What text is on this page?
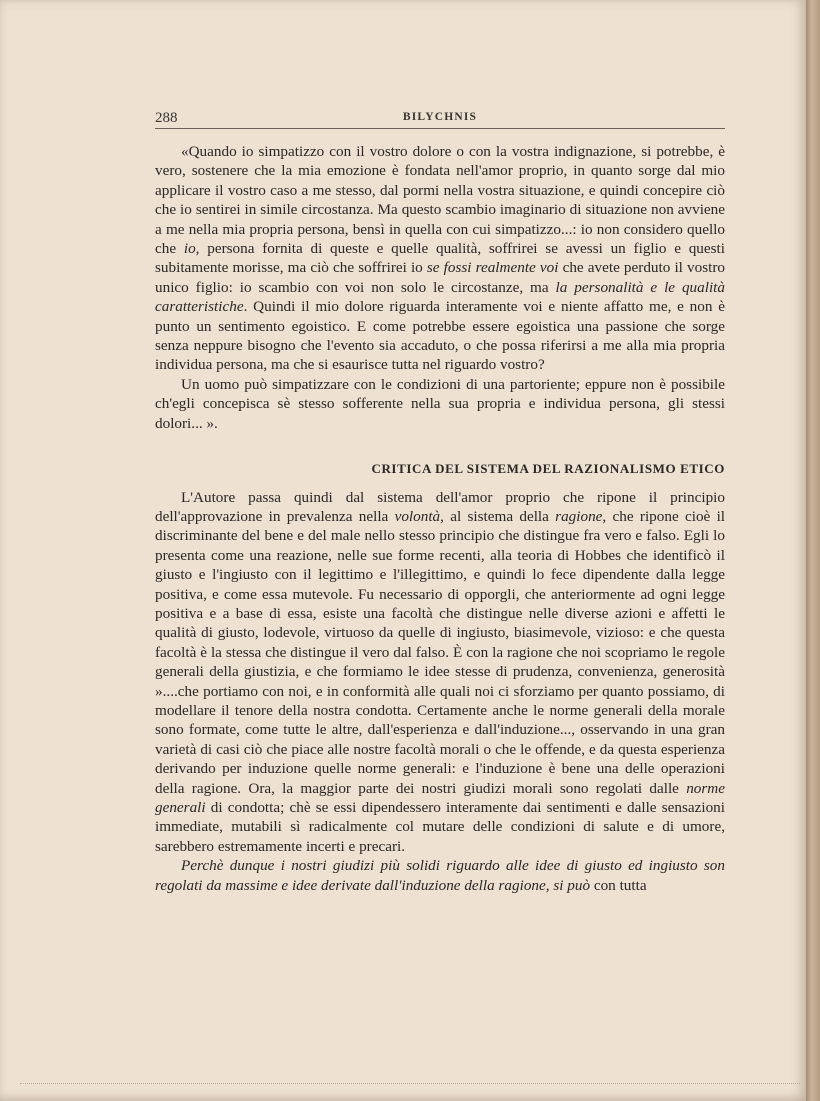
288	BILYCHNIS

«Quando io simpatizzo con il vostro dolore o con la vostra indignazione, si potrebbe, è vero, sostenere che la mia emozione è fondata nell'amor proprio, in quanto sorge dal mio applicare il vostro caso a me stesso, dal pormi nella vostra situazione, e quindi concepire ciò che io sentirei in simile circostanza. Ma questo scambio imaginario di situazione non avviene a me nella mia propria persona, bensì in quella con cui simpatizzo...: io non considero quello che io, persona fornita di queste e quelle qualità, soffrirei se avessi un figlio e questi subitamente morisse, ma ciò che soffrirei io se fossi realmente voi che avete perduto il vostro unico figlio: io scambio con voi non solo le circostanze, ma la personalità e le qualità caratteristiche. Quindi il mio dolore riguarda interamente voi e niente affatto me, e non è punto un sentimento egoistico. E come potrebbe essere egoistica una passione che sorge senza neppure bisogno che l'evento sia accaduto, o che possa riferirsi a me alla mia propria individua persona, ma che si esaurisce tutta nel riguardo vostro?

Un uomo può simpatizzare con le condizioni di una partoriente; eppure non è possibile ch'egli concepisca sè stesso sofferente nella sua propria e individua persona, gli stessi dolori... ».

CRITICA DEL SISTEMA DEL RAZIONALISMO ETICO

L'Autore passa quindi dal sistema dell'amor proprio che ripone il principio dell'approvazione in prevalenza nella volontà, al sistema della ragione, che ripone cioè il discriminante del bene e del male nello stesso principio che distingue fra vero e falso. Egli lo presenta come una reazione, nelle sue forme recenti, alla teoria di Hobbes che identificò il giusto e l'ingiusto con il legittimo e l'illegittimo, e quindi lo fece dipendente dalla legge positiva, e come essa mutevole. Fu necessario di opporgli, che anteriormente ad ogni legge positiva e a base di essa, esiste una facoltà che distingue nelle diverse azioni e affetti le qualità di giusto, lodevole, virtuoso da quelle di ingiusto, biasimevole, vizioso: e che questa facoltà è la stessa che distingue il vero dal falso. È con la ragione che noi scopriamo le regole generali della giustizia, e che formiamo le idee stesse di prudenza, convenienza, generosità »....che portiamo con noi, e in conformità alle quali noi ci sforziamo per quanto possiamo, di modellare il tenore della nostra condotta. Certamente anche le norme generali della morale sono formate, come tutte le altre, dall'esperienza e dall'induzione..., osservando in una gran varietà di casi ciò che piace alle nostre facoltà morali o che le offende, e da questa esperienza derivando per induzione quelle norme generali: e l'induzione è bene una delle operazioni della ragione. Ora, la maggior parte dei nostri giudizi morali sono regolati dalle norme generali di condotta; chè se essi dipendessero interamente dai sentimenti e dalle sensazioni immediate, mutabili sì radicalmente col mutare delle condizioni di salute e di umore, sarebbero estremamente incerti e precari.

Perchè dunque i nostri giudizi più solidi riguardo alle idee di giusto ed ingiusto son regolati da massime e idee derivate dall'induzione della ragione, si può con tutta
